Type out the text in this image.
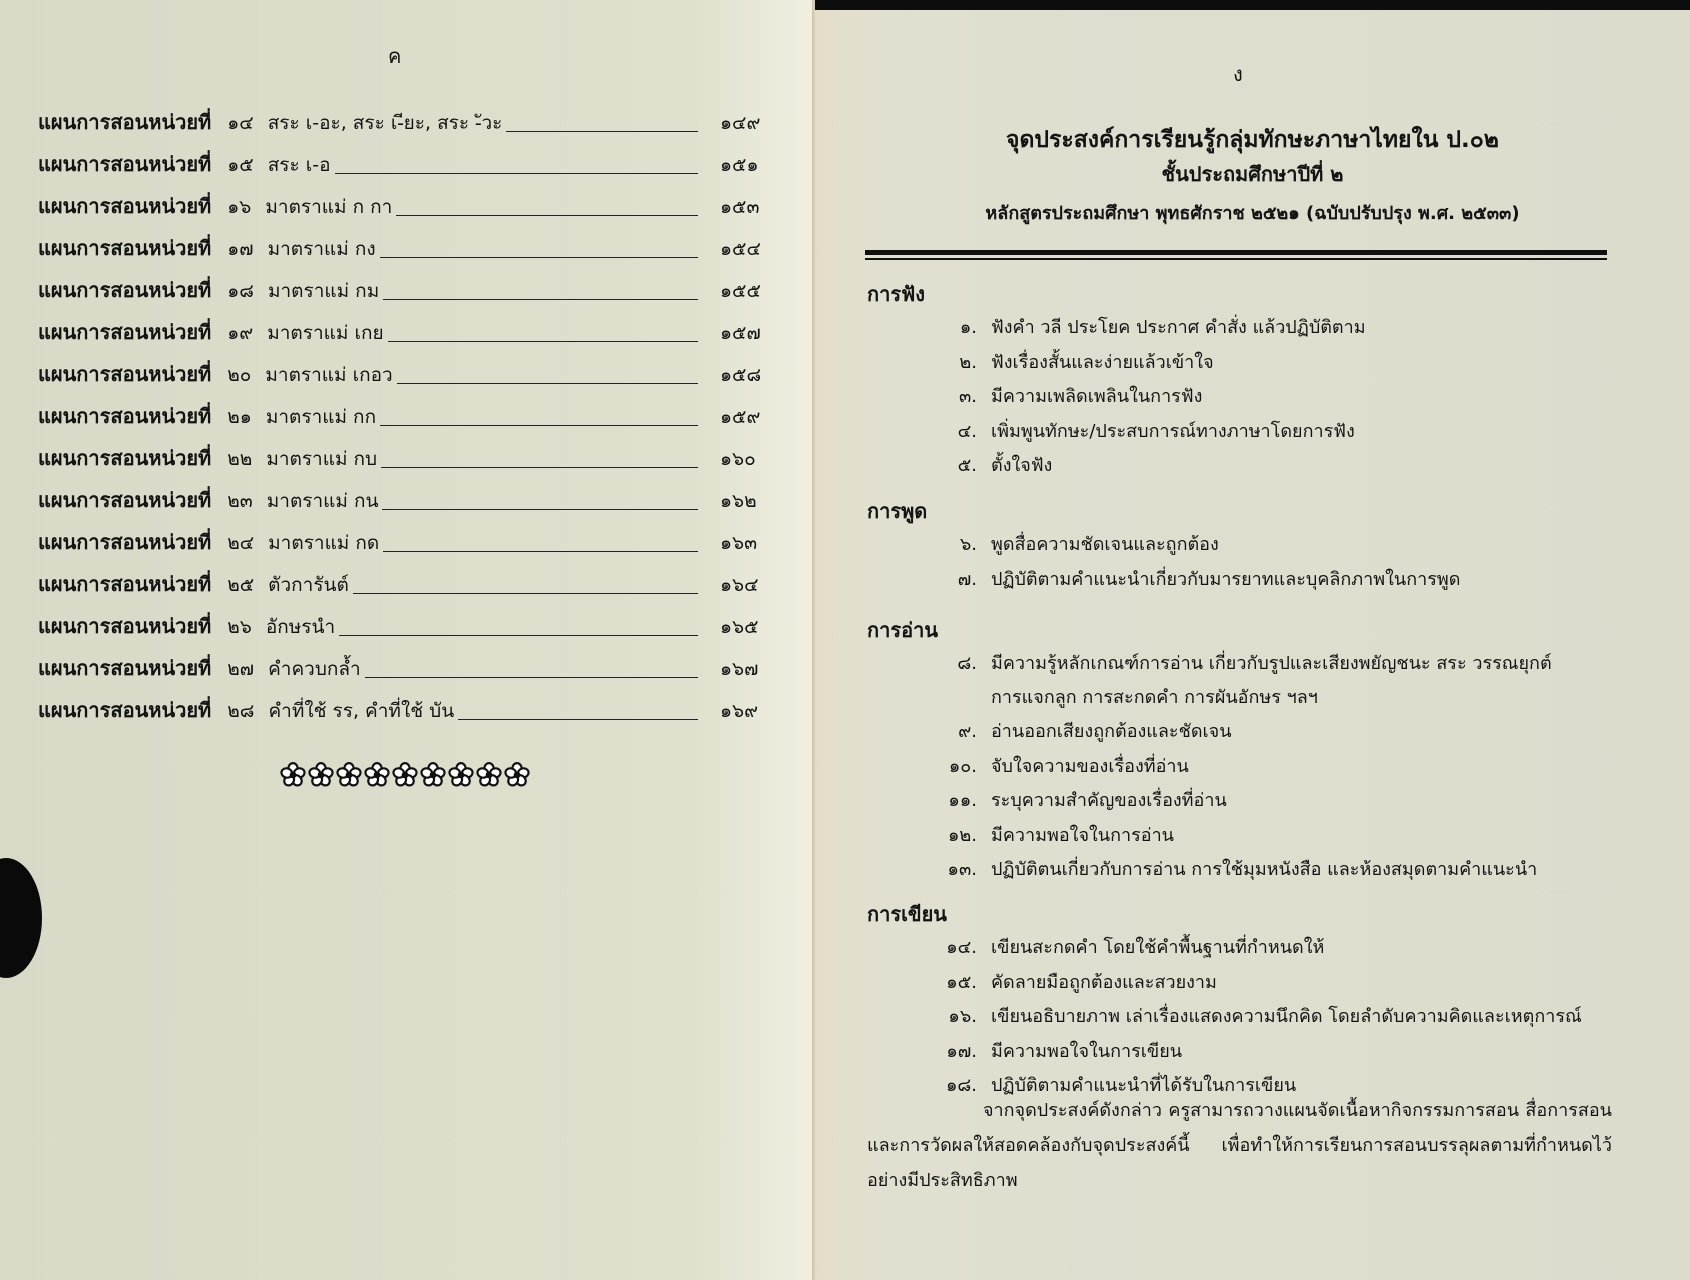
ค
แผนการสอนหน่วยที่ ๑๔ สระ เ-อะ, สระ เ-ียะ, สระ -ัวะ	๑๔๙
แผนการสอนหน่วยที่ ๑๕ สระ เ-อ	๑๕๑
แผนการสอนหน่วยที่ ๑๖ มาตราแม่ ก กา	๑๕๓
แผนการสอนหน่วยที่ ๑๗ มาตราแม่ กง	๑๕๔
แผนการสอนหน่วยที่ ๑๘ มาตราแม่ กม	๑๕๕
แผนการสอนหน่วยที่ ๑๙ มาตราแม่ เกย	๑๕๗
แผนการสอนหน่วยที่ ๒๐ มาตราแม่ เกอว	๑๕๘
แผนการสอนหน่วยที่ ๒๑ มาตราแม่ กก	๑๕๙
แผนการสอนหน่วยที่ ๒๒ มาตราแม่ กบ	๑๖๐
แผนการสอนหน่วยที่ ๒๓ มาตราแม่ กน	๑๖๒
แผนการสอนหน่วยที่ ๒๔ มาตราแม่ กด	๑๖๓
แผนการสอนหน่วยที่ ๒๕ ตัวการันต์	๑๖๔
แผนการสอนหน่วยที่ ๒๖ อักษรนำ	๑๖๕
แผนการสอนหน่วยที่ ๒๗ คำควบกล้ำ	๑๖๗
แผนการสอนหน่วยที่ ๒๘ คำที่ใช้ รร, คำที่ใช้ บัน	๑๖๙
ง
จุดประสงค์การเรียนรู้กลุ่มทักษะภาษาไทยใน ป.๐๒
ชั้นประถมศึกษาปีที่ ๒
หลักสูตรประถมศึกษา พุทธศักราช ๒๕๒๑ (ฉบับปรับปรุง พ.ศ. ๒๕๓๓)
การฟัง
๑. ฟังคำ วลี ประโยค ประกาศ คำสั่ง แล้วปฏิบัติตาม
๒. ฟังเรื่องสั้นและง่ายแล้วเข้าใจ
๓. มีความเพลิดเพลินในการฟัง
๔. เพิ่มพูนทักษะ/ประสบการณ์ทางภาษาโดยการฟัง
๕. ตั้งใจฟัง
การพูด
๖. พูดสื่อความชัดเจนและถูกต้อง
๗. ปฏิบัติตามคำแนะนำเกี่ยวกับมารยาทและบุคลิกภาพในการพูด
การอ่าน
๘. มีความรู้หลักเกณฑ์การอ่าน เกี่ยวกับรูปและเสียงพยัญชนะ สระ วรรณยุกต์
การแจกลูก การสะกดคำ การผันอักษร ฯลฯ
๙. อ่านออกเสียงถูกต้องและชัดเจน
๑๐. จับใจความของเรื่องที่อ่าน
๑๑. ระบุความสำคัญของเรื่องที่อ่าน
๑๒. มีความพอใจในการอ่าน
๑๓. ปฏิบัติตนเกี่ยวกับการอ่าน การใช้มุมหนังสือ และห้องสมุดตามคำแนะนำ
การเขียน
๑๔. เขียนสะกดคำ โดยใช้คำพื้นฐานที่กำหนดให้
๑๕. คัดลายมือถูกต้องและสวยงาม
๑๖. เขียนอธิบายภาพ เล่าเรื่องแสดงความนึกคิด โดยลำดับความคิดและเหตุการณ์
๑๗. มีความพอใจในการเขียน
๑๘. ปฏิบัติตามคำแนะนำที่ได้รับในการเขียน
จากจุดประสงค์ดังกล่าว ครูสามารถวางแผนจัดเนื้อหากิจกรรมการสอน สื่อการสอน และการวัดผลให้สอดคล้องกับจุดประสงค์นี้ เพื่อทำให้การเรียนการสอนบรรลุผลตามที่กำหนดไว้อย่างมีประสิทธิภาพ
